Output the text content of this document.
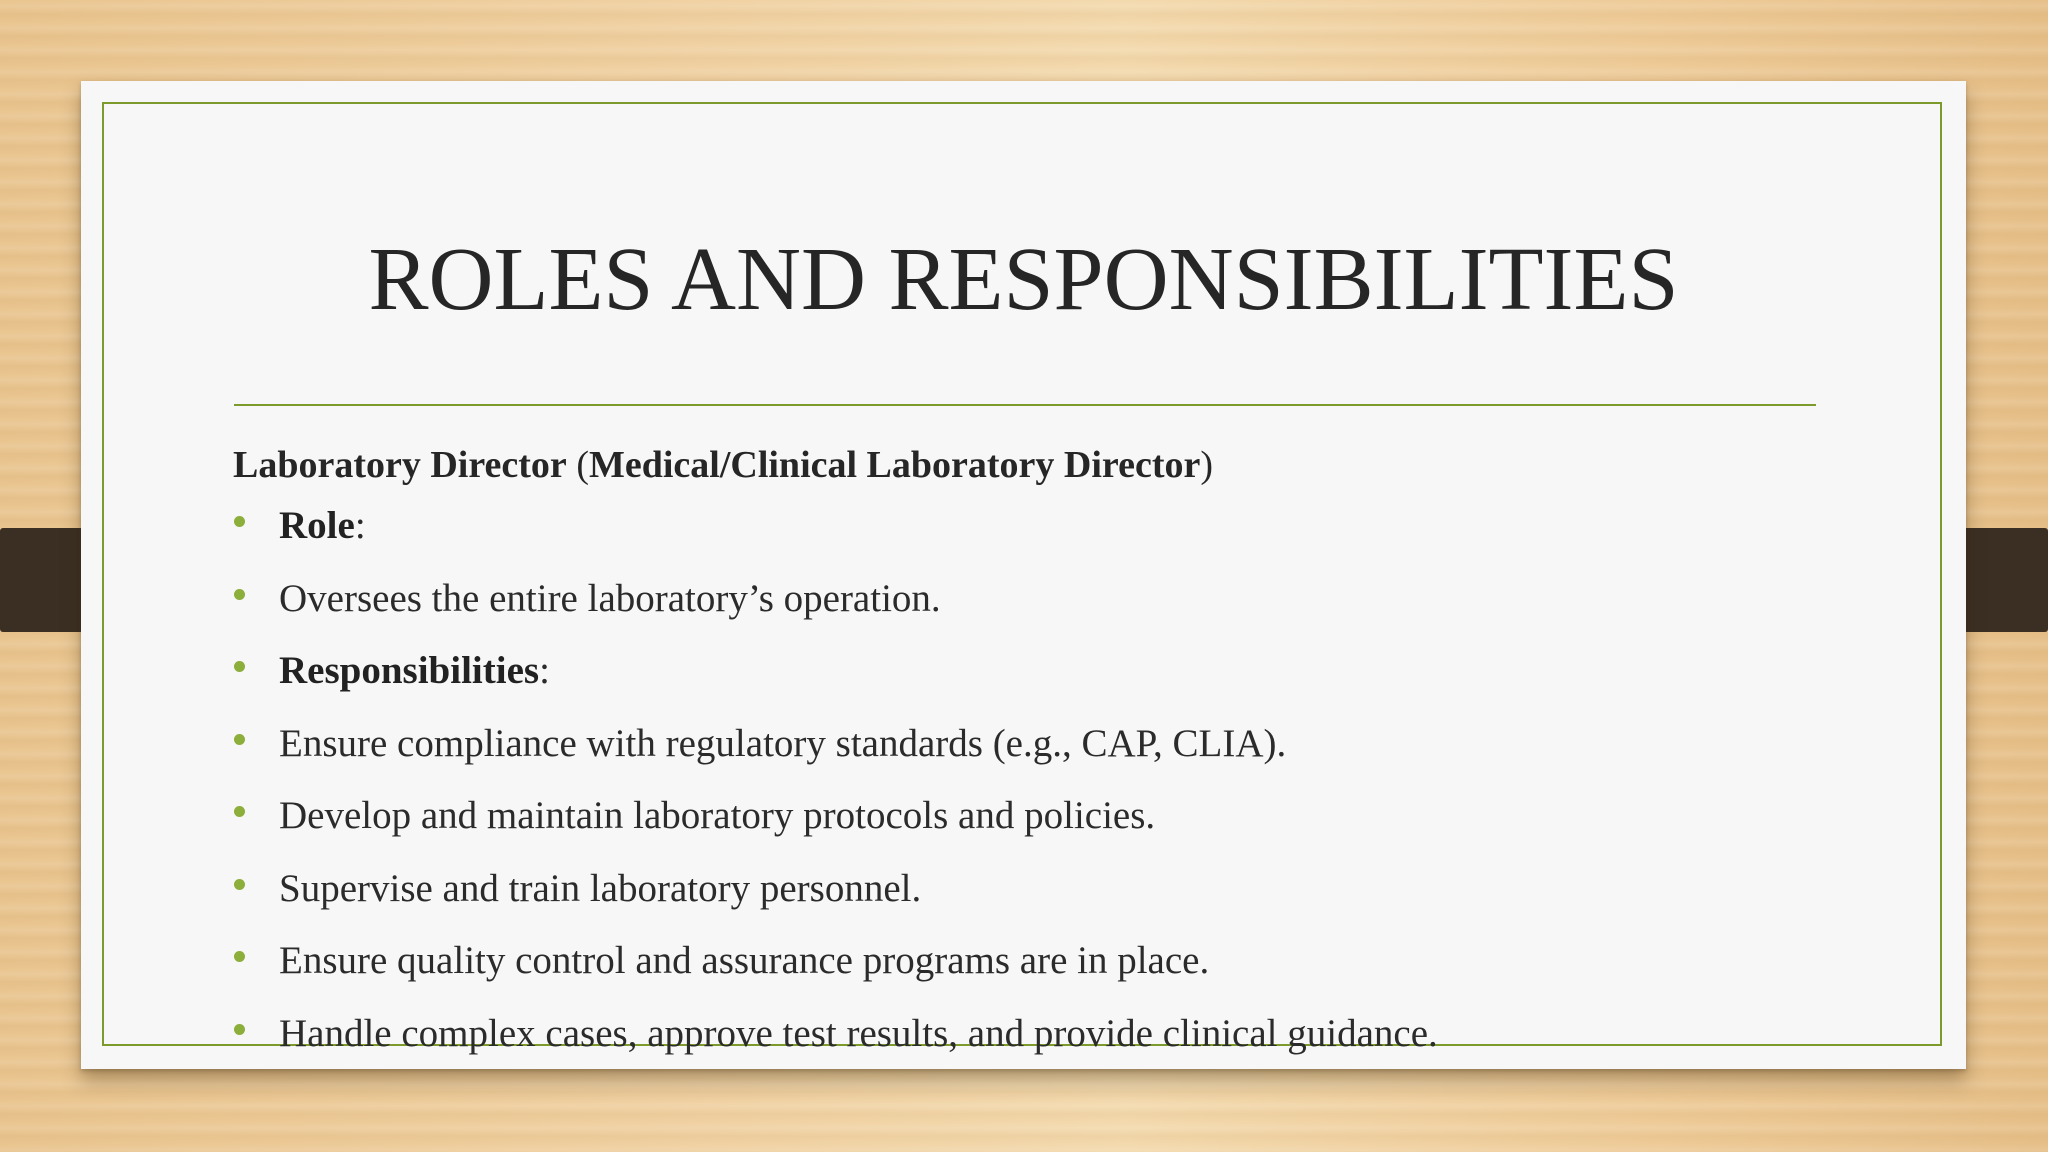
ROLES AND RESPONSIBILITIES
Laboratory Director (Medical/Clinical Laboratory Director)
Role:
Oversees the entire laboratory’s operation.
Responsibilities:
Ensure compliance with regulatory standards (e.g., CAP, CLIA).
Develop and maintain laboratory protocols and policies.
Supervise and train laboratory personnel.
Ensure quality control and assurance programs are in place.
Handle complex cases, approve test results, and provide clinical guidance.
